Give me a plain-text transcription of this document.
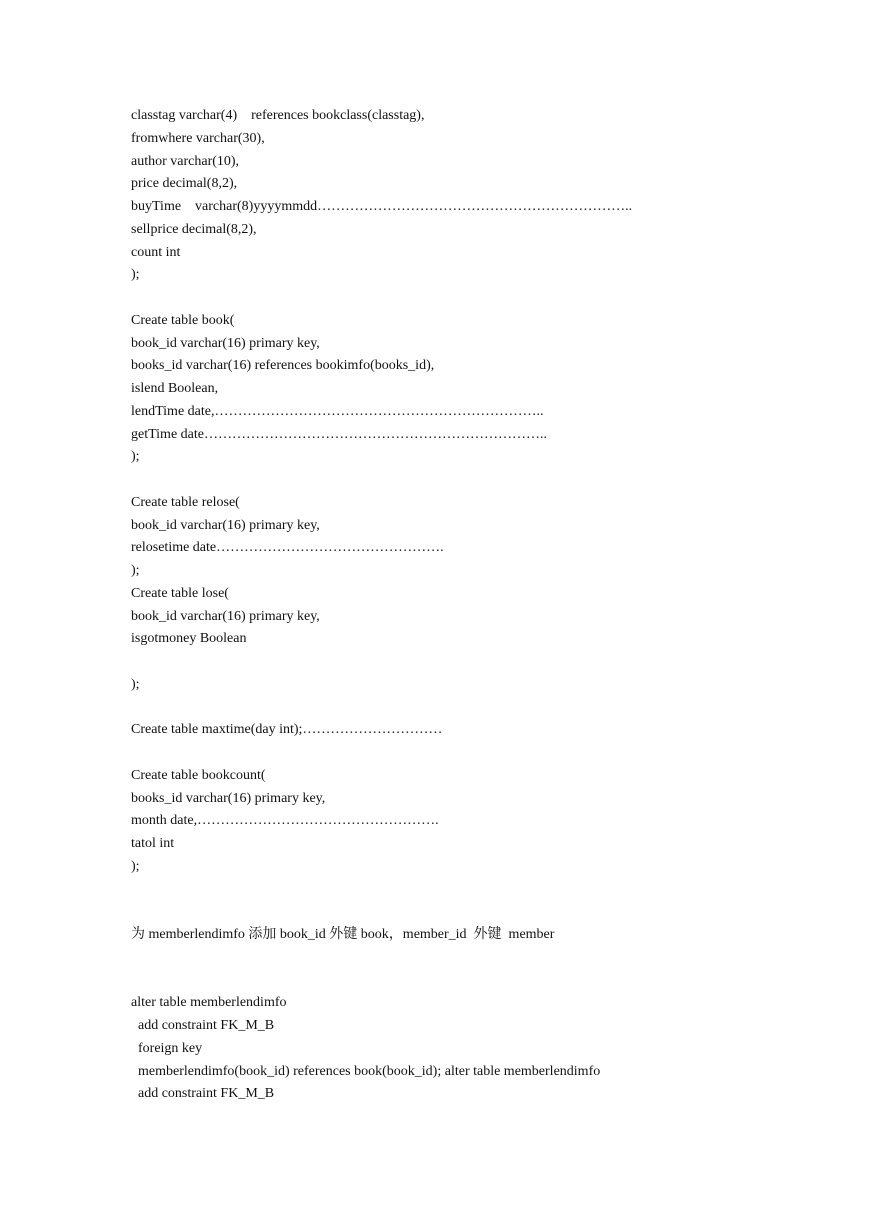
classtag varchar(4)    references bookclass(classtag),
fromwhere varchar(30),
author varchar(10),
price decimal(8,2),
buyTime    varchar(8)yyyymmdd…………………………………………………………..
sellprice decimal(8,2),
count int
);
Create table book(
book_id varchar(16) primary key,
books_id varchar(16) references bookimfo(books_id),
islend Boolean,
lendTime date,……………………………………………………………..
getTime date………………………………………………………………..
);
Create table relose(
book_id varchar(16) primary key,
relosetime date………………………………………….
);
Create table lose(
book_id varchar(16) primary key,
isgotmoney Boolean
);
Create table maxtime(day int);…………………………
Create table bookcount(
books_id varchar(16) primary key,
month date,…………………………………………….
tatol int
);
为 memberlendimfo 添加 book_id 外键 book，member_id  外键  member
alter table memberlendimfo
add constraint FK_M_B
foreign key
memberlendimfo(book_id) references book(book_id); alter table memberlendimfo
add constraint FK_M_B
